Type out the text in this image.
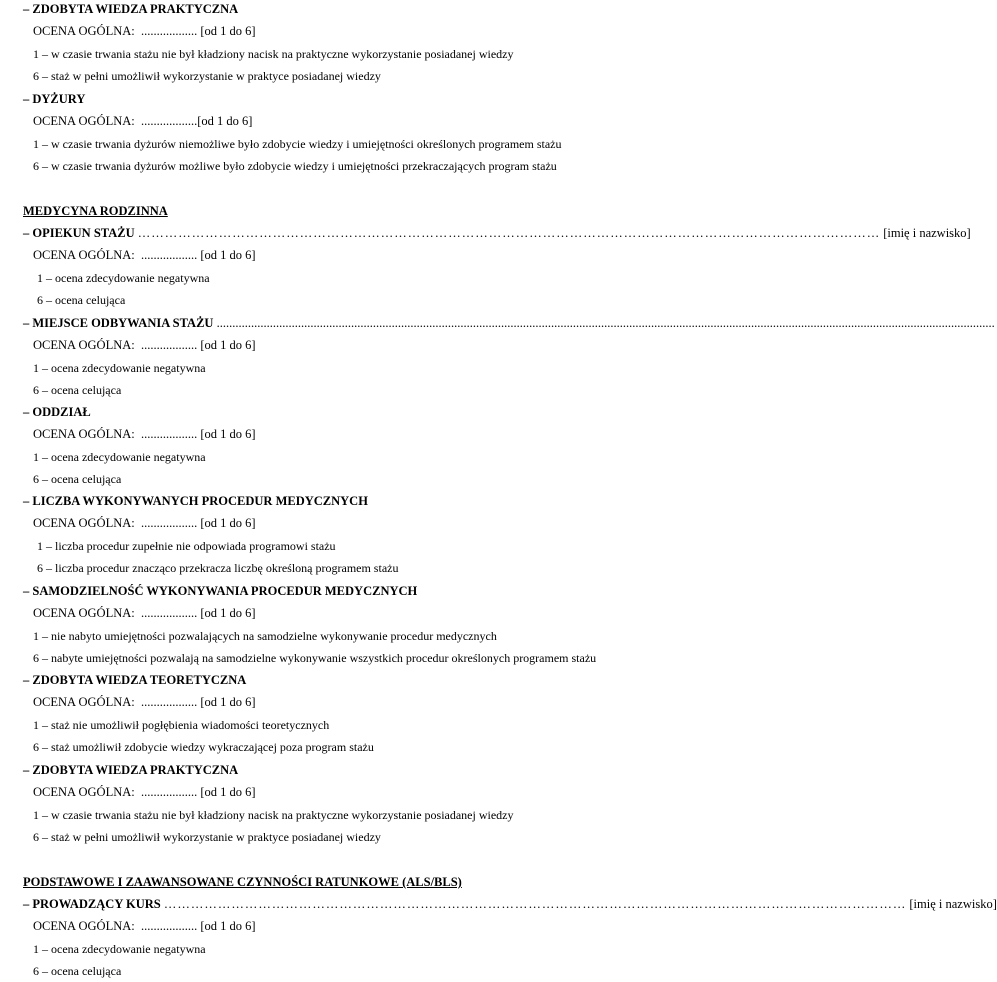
– ZDOBYTA WIEDZA PRAKTYCZNA
OCENA OGÓLNA: .................. [od 1 do 6]
1 – w czasie trwania stażu nie był kładziony nacisk na praktyczne wykorzystanie posiadanej wiedzy
6 – staż w pełni umożliwił wykorzystanie w praktyce posiadanej wiedzy
– DYŻURY
OCENA OGÓLNA: ..................[od 1 do 6]
1 – w czasie trwania dyżurów niemożliwe było zdobycie wiedzy i umiejętności określonych programem stażu
6 – w czasie trwania dyżurów możliwe było zdobycie wiedzy i umiejętności przekraczających program stażu
MEDYCYNA RODZINNA
– OPIEKUN STAŻU ………………………………………………………………………………………………………………………………………………… [imię i nazwisko]
OCENA OGÓLNA: .................. [od 1 do 6]
1 – ocena zdecydowanie negatywna
6 – ocena celująca
– MIEJSCE ODBYWANIA STAŻU .........................................................................................................................................................................................................................................................
OCENA OGÓLNA: .................. [od 1 do 6]
1 – ocena zdecydowanie negatywna
6 – ocena celująca
– ODDZIAŁ
OCENA OGÓLNA: .................. [od 1 do 6]
1 – ocena zdecydowanie negatywna
6 – ocena celująca
– LICZBA WYKONYWANYCH PROCEDUR MEDYCZNYCH
OCENA OGÓLNA: .................. [od 1 do 6]
1 – liczba procedur zupełnie nie odpowiada programowi stażu
6 – liczba procedur znacząco przekracza liczbę określoną programem stażu
– SAMODZIELNOŚĆ WYKONYWANIA PROCEDUR MEDYCZNYCH
OCENA OGÓLNA: .................. [od 1 do 6]
1 – nie nabyto umiejętności pozwalających na samodzielne wykonywanie procedur medycznych
6 – nabyte umiejętności pozwalają na samodzielne wykonywanie wszystkich procedur określonych programem stażu
– ZDOBYTA WIEDZA TEORETYCZNA
OCENA OGÓLNA: .................. [od 1 do 6]
1 – staż nie umożliwił pogłębienia wiadomości teoretycznych
6 – staż umożliwił zdobycie wiedzy wykraczającej poza program stażu
– ZDOBYTA WIEDZA PRAKTYCZNA
OCENA OGÓLNA: .................. [od 1 do 6]
1 – w czasie trwania stażu nie był kładziony nacisk na praktyczne wykorzystanie posiadanej wiedzy
6 – staż w pełni umożliwił wykorzystanie w praktyce posiadanej wiedzy
PODSTAWOWE I ZAAWANSOWANE CZYNNOŚCI RATUNKOWE (ALS/BLS)
– PROWADZĄCY KURS ………………………………………………………………………………………………………………………………………………… [imię i nazwisko]
OCENA OGÓLNA: .................. [od 1 do 6]
1 – ocena zdecydowanie negatywna
6 – ocena celująca
